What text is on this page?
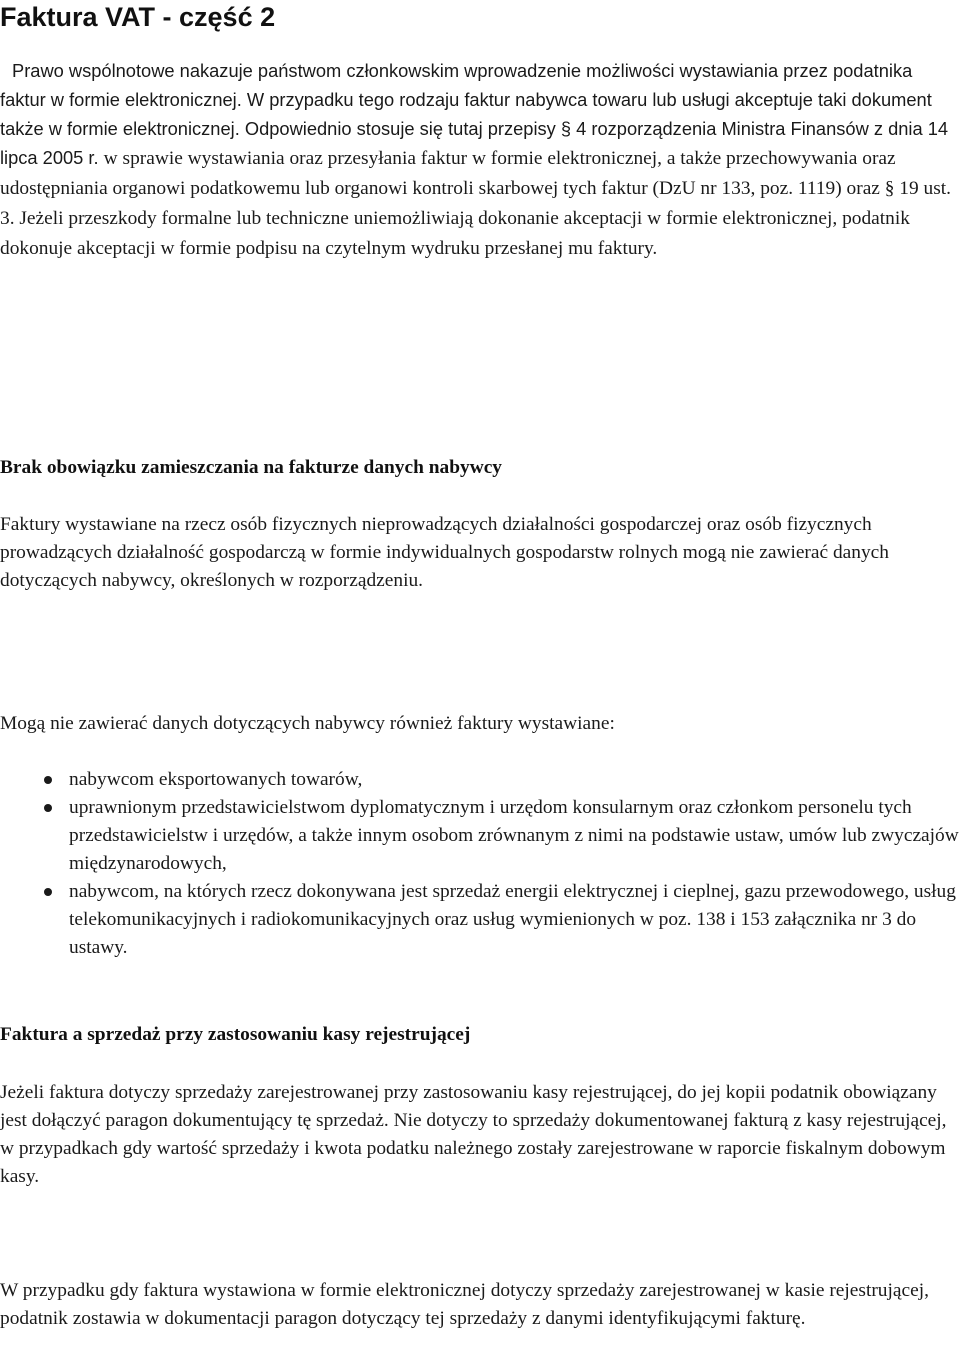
Faktura VAT - część 2

Prawo wspólnotowe nakazuje państwom członkowskim wprowadzenie możliwości wystawiania przez podatnika faktur w formie elektronicznej. W przypadku tego rodzaju faktur nabywca towaru lub usługi akceptuje taki dokument także w formie elektronicznej. Odpowiednio stosuje się tutaj przepisy § 4 rozporządzenia Ministra Finansów z dnia 14 lipca 2005 r. w sprawie wystawiania oraz przesyłania faktur w formie elektronicznej, a także przechowywania oraz udostępniania organowi podatkowemu lub organowi kontroli skarbowej tych faktur (DzU nr 133, poz. 1119) oraz § 19 ust. 3. Jeżeli przeszkody formalne lub techniczne uniemożliwiają dokonanie akceptacji w formie elektronicznej, podatnik dokonuje akceptacji w formie podpisu na czytelnym wydruku przesłanej mu faktury.

Brak obowiązku zamieszczania na fakturze danych nabywcy

Faktury wystawiane na rzecz osób fizycznych nieprowadzących działalności gospodarczej oraz osób fizycznych prowadzących działalność gospodarczą w formie indywidualnych gospodarstw rolnych mogą nie zawierać danych dotyczących nabywcy, określonych w rozporządzeniu.

Mogą nie zawierać danych dotyczących nabywcy również faktury wystawiane:

nabywcom eksportowanych towarów,
uprawnionym przedstawicielstwom dyplomatycznym i urzędom konsularnym oraz członkom personelu tych przedstawicielstw i urzędów, a także innym osobom zrównanym z nimi na podstawie ustaw, umów lub zwyczajów międzynarodowych,
nabywcom, na których rzecz dokonywana jest sprzedaż energii elektrycznej i cieplnej, gazu przewodowego, usług telekomunikacyjnych i radiokomunikacyjnych oraz usług wymienionych w poz. 138 i 153 załącznika nr 3 do ustawy.
Faktura a sprzedaż przy zastosowaniu kasy rejestrującej

Jeżeli faktura dotyczy sprzedaży zarejestrowanej przy zastosowaniu kasy rejestrującej, do jej kopii podatnik obowiązany jest dołączyć paragon dokumentujący tę sprzedaż. Nie dotyczy to sprzedaży dokumentowanej fakturą z kasy rejestrującej, w przypadkach gdy wartość sprzedaży i kwota podatku należnego zostały zarejestrowane w raporcie fiskalnym dobowym kasy.

W przypadku gdy faktura wystawiona w formie elektronicznej dotyczy sprzedaży zarejestrowanej w kasie rejestrującej, podatnik zostawia w dokumentacji paragon dotyczący tej sprzedaży z danymi identyfikującymi fakturę.
